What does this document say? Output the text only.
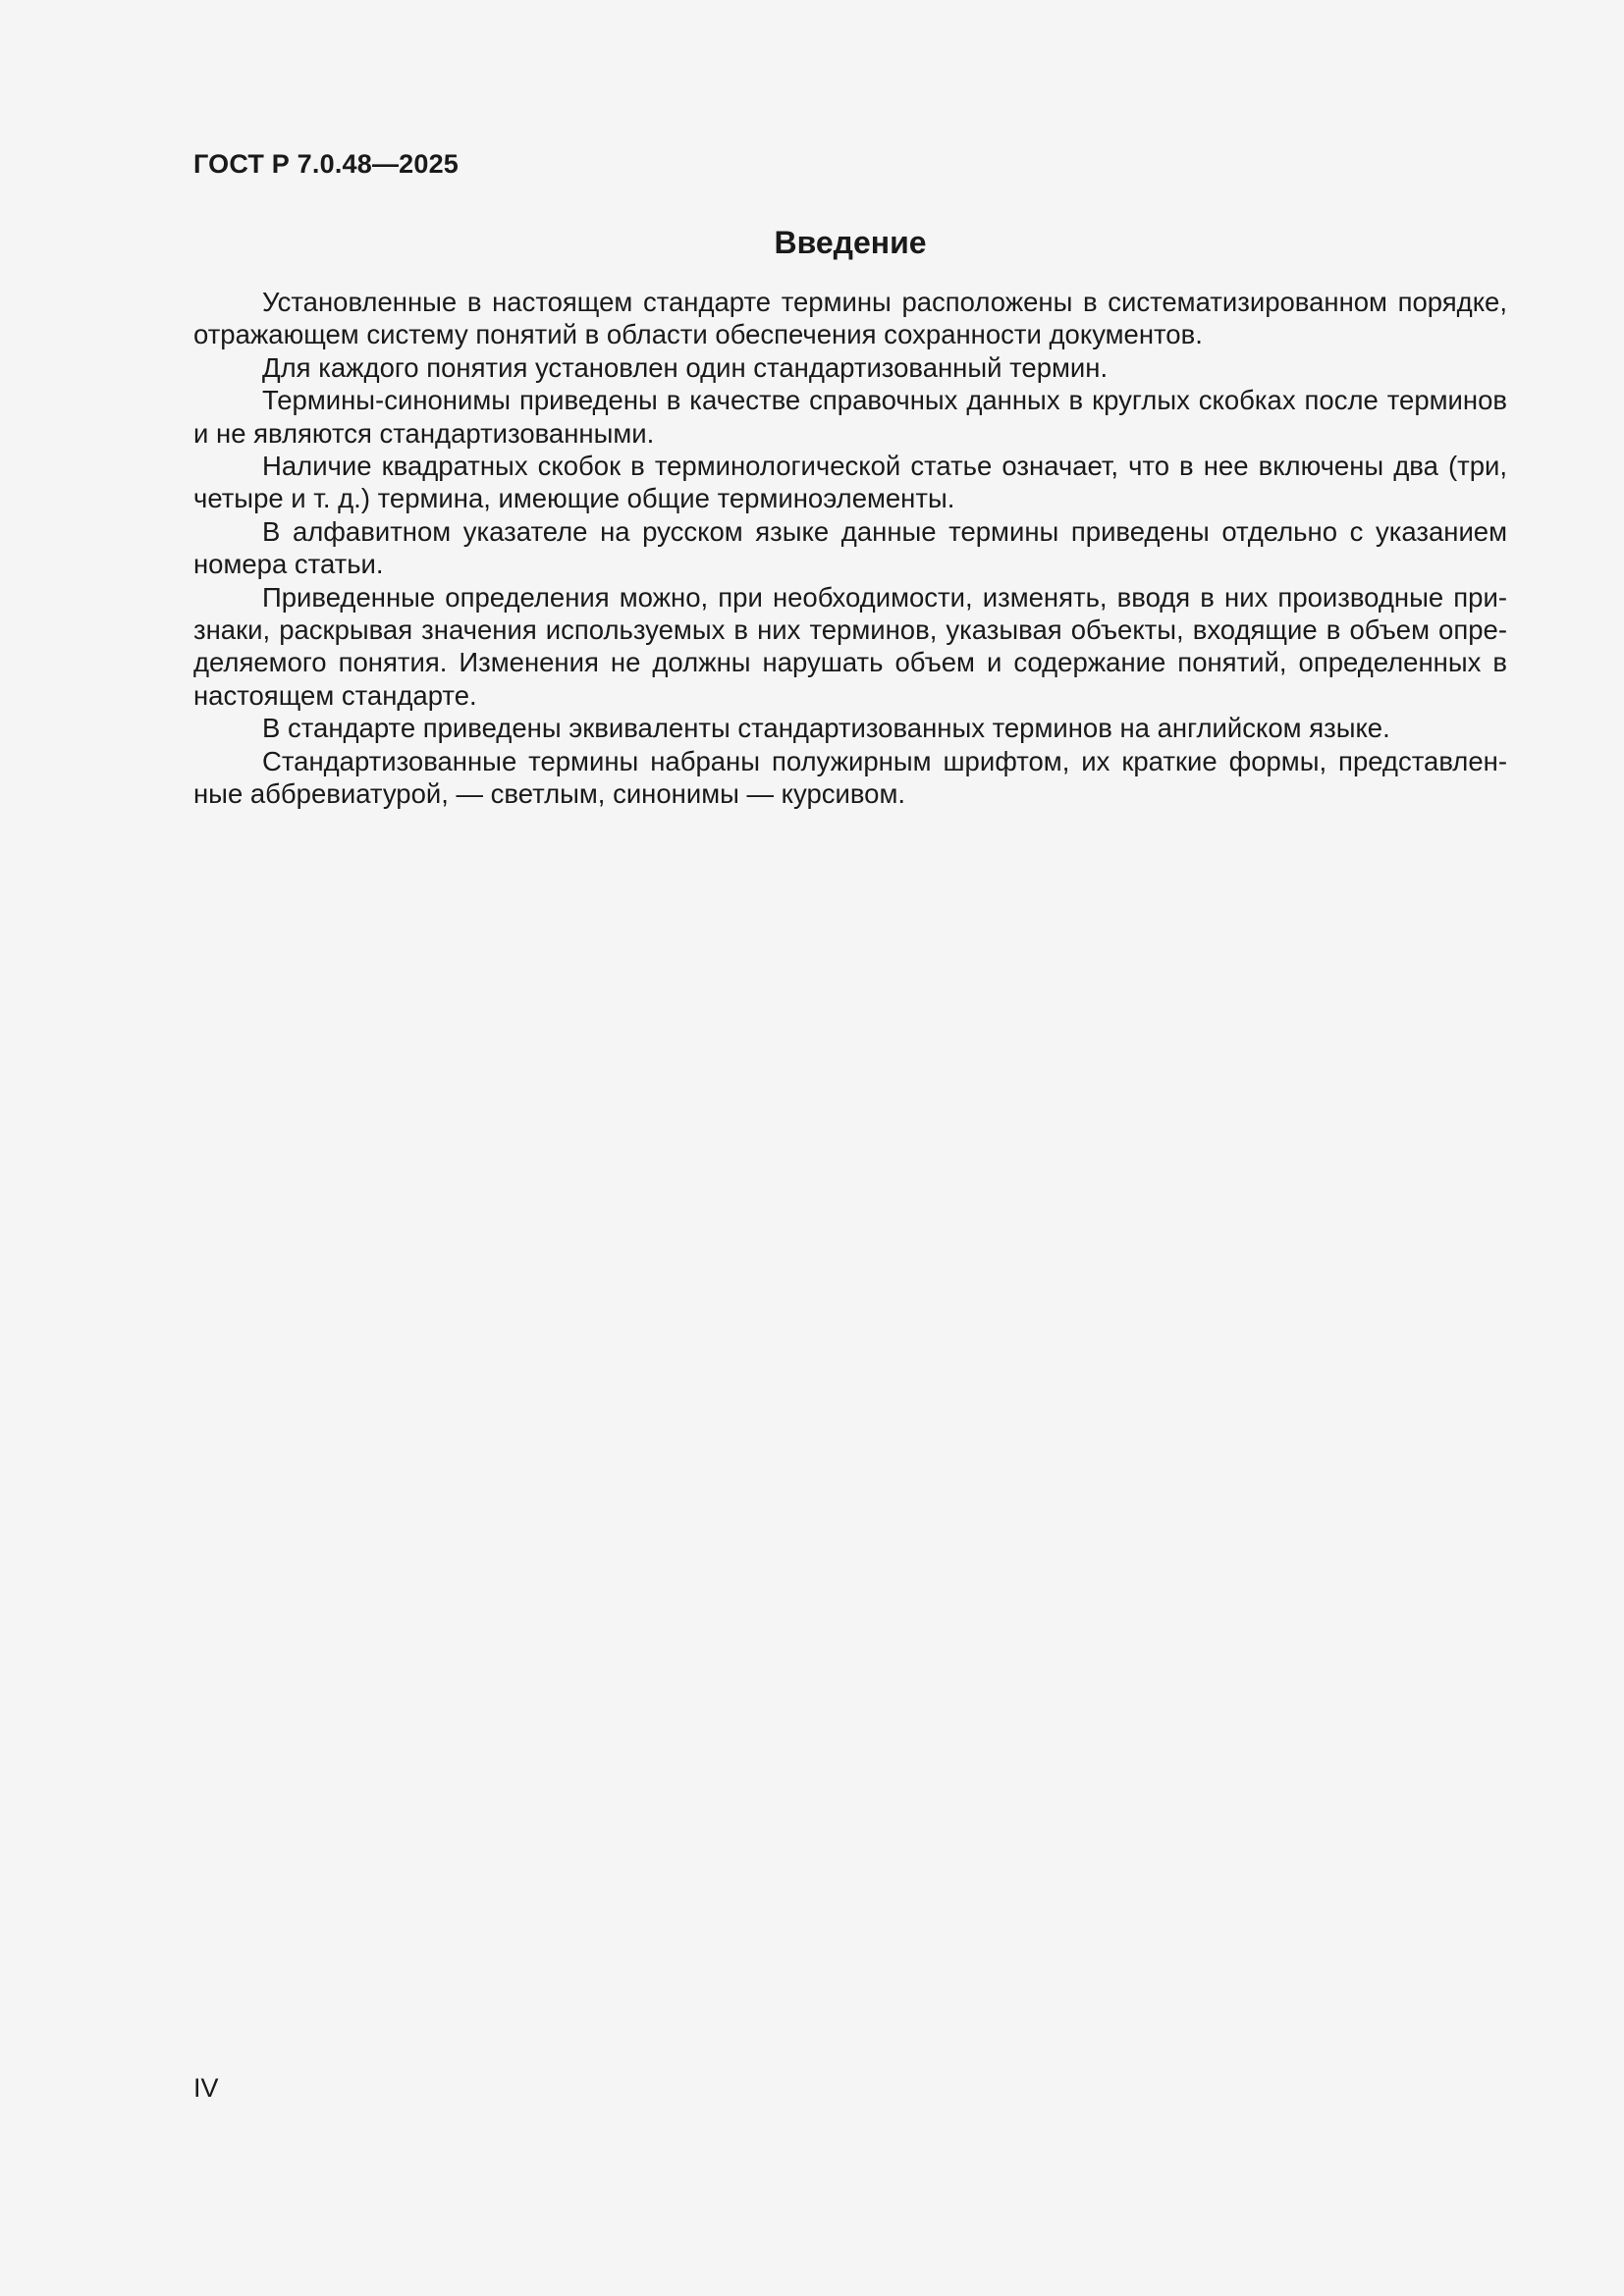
ГОСТ Р 7.0.48—2025

Введение

Установленные в настоящем стандарте термины расположены в систематизированном порядке, отражающем систему понятий в области обеспечения сохранности документов.

Для каждого понятия установлен один стандартизованный термин.

Термины-синонимы приведены в качестве справочных данных в круглых скобках после терминов и не являются стандартизованными.

Наличие квадратных скобок в терминологической статье означает, что в нее включены два (три, четыре и т. д.) термина, имеющие общие терминоэлементы.

В алфавитном указателе на русском языке данные термины приведены отдельно с указанием номера статьи.

Приведенные определения можно, при необходимости, изменять, вводя в них производные признаки, раскрывая значения используемых в них терминов, указывая объекты, входящие в объем определяемого понятия. Изменения не должны нарушать объем и содержание понятий, определенных в настоящем стандарте.

В стандарте приведены эквиваленты стандартизованных терминов на английском языке.

Стандартизованные термины набраны полужирным шрифтом, их краткие формы, представленные аббревиатурой, — светлым, синонимы — курсивом.

IV
